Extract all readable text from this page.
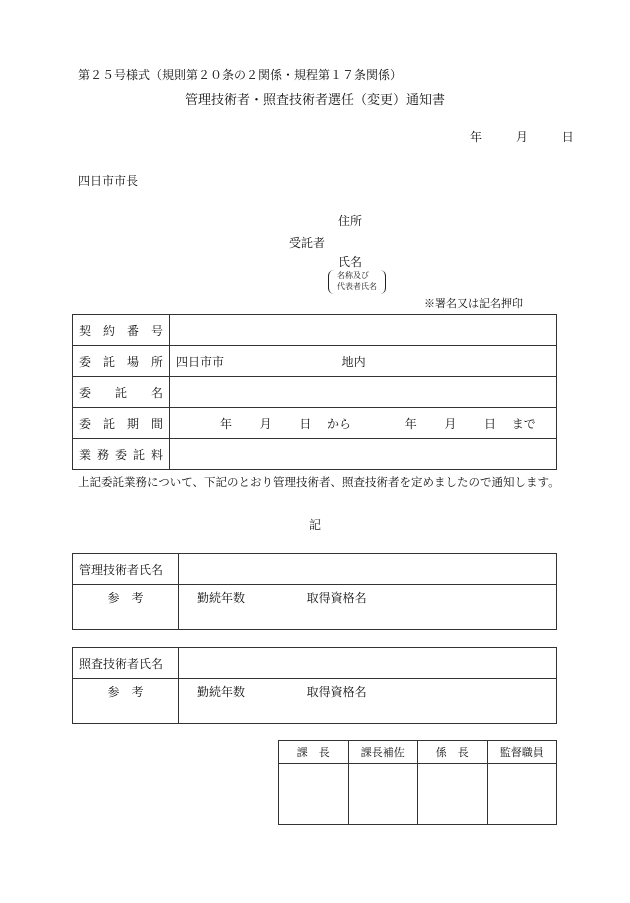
第２５号様式（規則第２０条の２関係・規程第１７条関係）
管理技術者・照査技術者選任（変更）通知書
年	月	日
四日市市長
住所
受託者
氏名
名称及び
代表者氏名
※署名又は記名押印
契約番号	
委託場所	四日市市 地内
委託名	
委託期間	年 月 日 から 年 月 日 まで
業務委託料	
上記委託業務について、下記のとおり管理技術者、照査技術者を定めましたので通知します。
記
管理技術者氏名	
参　考	勤続年数 取得資格名
照査技術者氏名	
参　考	勤続年数 取得資格名
課　長	課長補佐	係　長	監督職員
